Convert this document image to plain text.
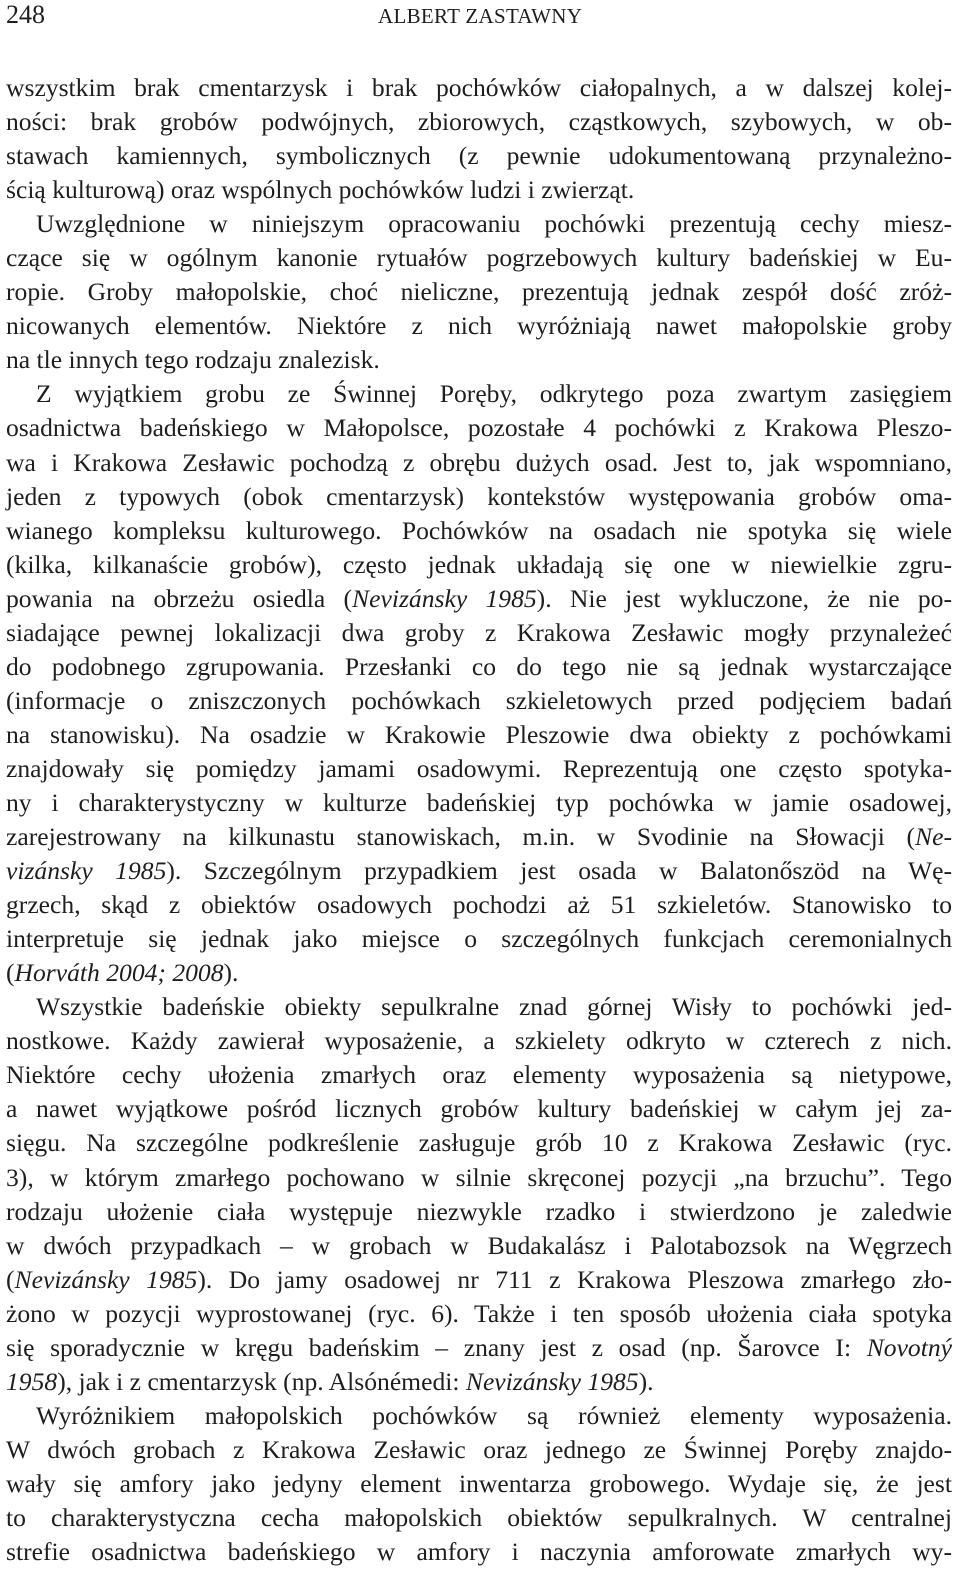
248	ALBERT ZASTAWNY
wszystkim brak cmentarzysk i brak pochówków ciałopalnych, a w dalszej kolej-
ności: brak grobów podwójnych, zbiorowych, cząstkowych, szybowych, w ob-
stawach kamiennych, symbolicznych (z pewnie udokumentowaną przynależno-
ścią kulturową) oraz wspólnych pochówków ludzi i zwierząt.
Uwzględnione w niniejszym opracowaniu pochówki prezentują cechy miesz-
czące się w ogólnym kanonie rytuałów pogrzebowych kultury badeńskiej w Eu-
ropie. Groby małopolskie, choć nieliczne, prezentują jednak zespół dość zróż-
nicowanych elementów. Niektóre z nich wyróżniają nawet małopolskie groby
na tle innych tego rodzaju znalezisk.
Z wyjątkiem grobu ze Świnnej Poręby, odkrytego poza zwartym zasięgiem
osadnictwa badeńskiego w Małopolsce, pozostałe 4 pochówki z Krakowa Pleszo-
wa i Krakowa Zesławic pochodzą z obrębu dużych osad. Jest to, jak wspomniano,
jeden z typowych (obok cmentarzysk) kontekstów występowania grobów oma-
wianego kompleksu kulturowego. Pochówków na osadach nie spotyka się wiele
(kilka, kilkanaście grobów), często jednak układają się one w niewielkie zgru-
powania na obrzeżu osiedla (Nevizánsky 1985). Nie jest wykluczone, że nie po-
siadające pewnej lokalizacji dwa groby z Krakowa Zesławic mogły przynależeć
do podobnego zgrupowania. Przesłanki co do tego nie są jednak wystarczające
(informacje o zniszczonych pochówkach szkieletowych przed podjęciem badań
na stanowisku). Na osadzie w Krakowie Pleszowie dwa obiekty z pochówkami
znajdowały się pomiędzy jamami osadowymi. Reprezentują one często spotyka-
ny i charakterystyczny w kulturze badeńskiej typ pochówka w jamie osadowej,
zarejestrowany na kilkunastu stanowiskach, m.in. w Svodinie na Słowacji (Ne-
vizánsky 1985). Szczególnym przypadkiem jest osada w Balatonőszöd na Wę-
grzech, skąd z obiektów osadowych pochodzi aż 51 szkieletów. Stanowisko to
interpretuje się jednak jako miejsce o szczególnych funkcjach ceremonialnych
(Horváth 2004; 2008).
Wszystkie badeńskie obiekty sepulkralne znad górnej Wisły to pochówki jed-
nostkowe. Każdy zawierał wyposażenie, a szkielety odkryto w czterech z nich.
Niektóre cechy ułożenia zmarłych oraz elementy wyposażenia są nietypowe,
a nawet wyjątkowe pośród licznych grobów kultury badeńskiej w całym jej za-
sięgu. Na szczególne podkreślenie zasługuje grób 10 z Krakowa Zesławic (ryc.
3), w którym zmarłego pochowano w silnie skręconej pozycji „na brzuchu”. Tego
rodzaju ułożenie ciała występuje niezwykle rzadko i stwierdzono je zaledwie
w dwóch przypadkach – w grobach w Budakalász i Palotabozsok na Węgrzech
(Nevizánsky 1985). Do jamy osadowej nr 711 z Krakowa Pleszowa zmarłego zło-
żono w pozycji wyprostowanej (ryc. 6). Także i ten sposób ułożenia ciała spotyka
się sporadycznie w kręgu badeńskim – znany jest z osad (np. Šarovce I: Novotný
1958), jak i z cmentarzysk (np. Alsónémedi: Nevizánsky 1985).
Wyróżnikiem małopolskich pochówków są również elementy wyposażenia.
W dwóch grobach z Krakowa Zesławic oraz jednego ze Świnnej Poręby znajdo-
wały się amfory jako jedyny element inwentarza grobowego. Wydaje się, że jest
to charakterystyczna cecha małopolskich obiektów sepulkralnych. W centralnej
strefie osadnictwa badeńskiego w amfory i naczynia amforowate zmarłych wy-
